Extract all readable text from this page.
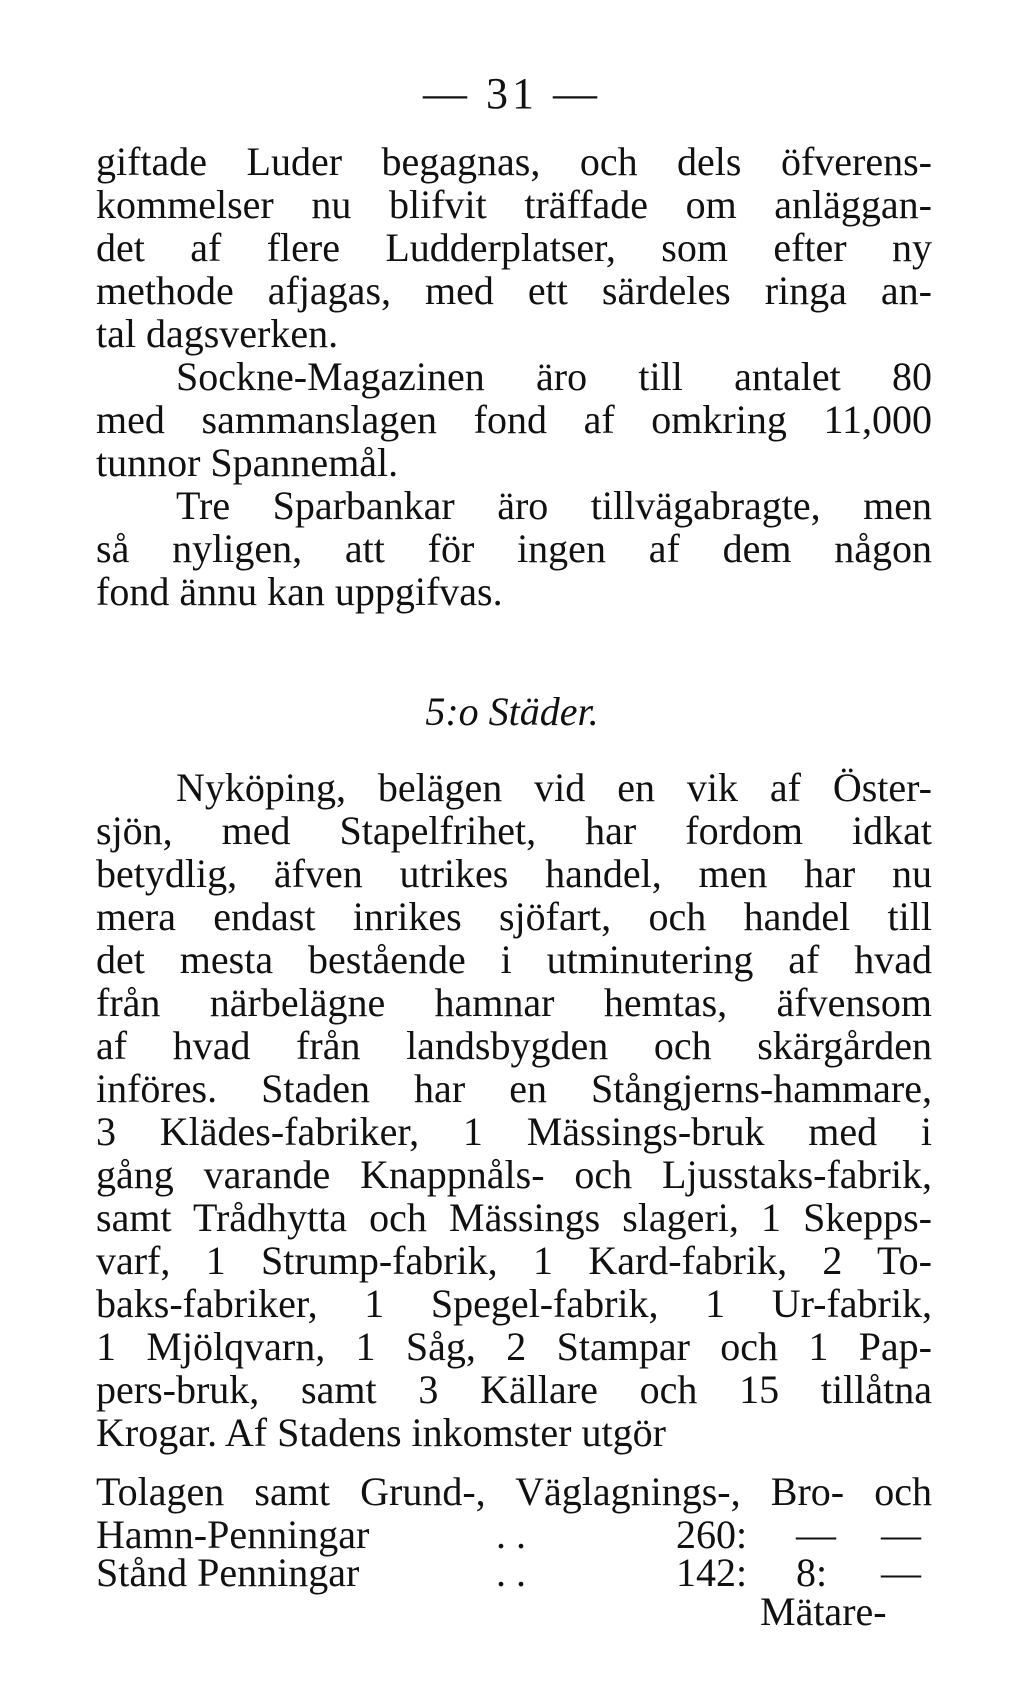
— 31 —
giftade Luder begagnas, och dels öfverens-
kommelser nu blifvit träffade om anläggan-
det af flere Ludderplatser, som efter ny
methode afjagas, med ett särdeles ringa an-
tal dagsverken.
Sockne-Magazinen äro till antalet 80
med sammanslagen fond af omkring 11,000
tunnor Spannemål.
Tre Sparbankar äro tillvägabragte, men
så nyligen, att för ingen af dem någon
fond ännu kan uppgifvas.
5:o Städer.
Nyköping, belägen vid en vik af Öster-
sjön, med Stapelfrihet, har fordom idkat
betydlig, äfven utrikes handel, men har nu
mera endast inrikes sjöfart, och handel till
det mesta bestående i utminutering af hvad
från närbelägne hamnar hemtas, äfvensom
af hvad från landsbygden och skärgården
införes. Staden har en Stångjerns-hammare,
3 Klädes-fabriker, 1 Mässings-bruk med i
gång varande Knappnåls- och Ljusstaks-fabrik,
samt Trådhytta och Mässings slageri, 1 Skepps-
varf, 1 Strump-fabrik, 1 Kard-fabrik, 2 To-
baks-fabriker, 1 Spegel-fabrik, 1 Ur-fabrik,
1 Mjölqvarn, 1 Såg, 2 Stampar och 1 Pap-
pers-bruk, samt 3 Källare och 15 tillåtna
Krogar. Af Stadens inkomster utgör
Tolagen samt Grund-, Väglagnings-, Bro- och
Hamn-Penningar	. .	260: — —
Stånd Penningar	. .	142: 8: —
Mätare-
